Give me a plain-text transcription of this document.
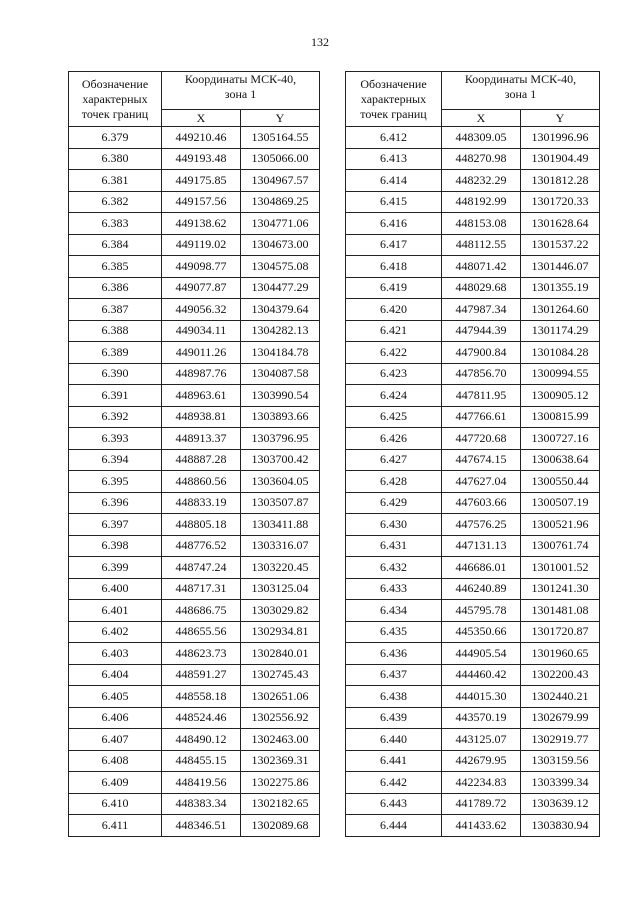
132
Обозначение
характерных
точек границ	Координаты МСК-40,
зона 1	

	X	Y
6.379	449210.46	1305164.55
6.380	449193.48	1305066.00
6.381	449175.85	1304967.57
6.382	449157.56	1304869.25
6.383	449138.62	1304771.06
6.384	449119.02	1304673.00
6.385	449098.77	1304575.08
6.386	449077.87	1304477.29
6.387	449056.32	1304379.64
6.388	449034.11	1304282.13
6.389	449011.26	1304184.78
6.390	448987.76	1304087.58
6.391	448963.61	1303990.54
6.392	448938.81	1303893.66
6.393	448913.37	1303796.95
6.394	448887.28	1303700.42
6.395	448860.56	1303604.05
6.396	448833.19	1303507.87
6.397	448805.18	1303411.88
6.398	448776.52	1303316.07
6.399	448747.24	1303220.45
6.400	448717.31	1303125.04
6.401	448686.75	1303029.82
6.402	448655.56	1302934.81
6.403	448623.73	1302840.01
6.404	448591.27	1302745.43
6.405	448558.18	1302651.06
6.406	448524.46	1302556.92
6.407	448490.12	1302463.00
6.408	448455.15	1302369.31
6.409	448419.56	1302275.86
6.410	448383.34	1302182.65
6.411	448346.51	1302089.68
Обозначение
характерных
точек границ	Координаты МСК-40,
зона 1	

	X	Y
6.412	448309.05	1301996.96
6.413	448270.98	1301904.49
6.414	448232.29	1301812.28
6.415	448192.99	1301720.33
6.416	448153.08	1301628.64
6.417	448112.55	1301537.22
6.418	448071.42	1301446.07
6.419	448029.68	1301355.19
6.420	447987.34	1301264.60
6.421	447944.39	1301174.29
6.422	447900.84	1301084.28
6.423	447856.70	1300994.55
6.424	447811.95	1300905.12
6.425	447766.61	1300815.99
6.426	447720.68	1300727.16
6.427	447674.15	1300638.64
6.428	447627.04	1300550.44
6.429	447603.66	1300507.19
6.430	447576.25	1300521.96
6.431	447131.13	1300761.74
6.432	446686.01	1301001.52
6.433	446240.89	1301241.30
6.434	445795.78	1301481.08
6.435	445350.66	1301720.87
6.436	444905.54	1301960.65
6.437	444460.42	1302200.43
6.438	444015.30	1302440.21
6.439	443570.19	1302679.99
6.440	443125.07	1302919.77
6.441	442679.95	1303159.56
6.442	442234.83	1303399.34
6.443	441789.72	1303639.12
6.444	441433.62	1303830.94
